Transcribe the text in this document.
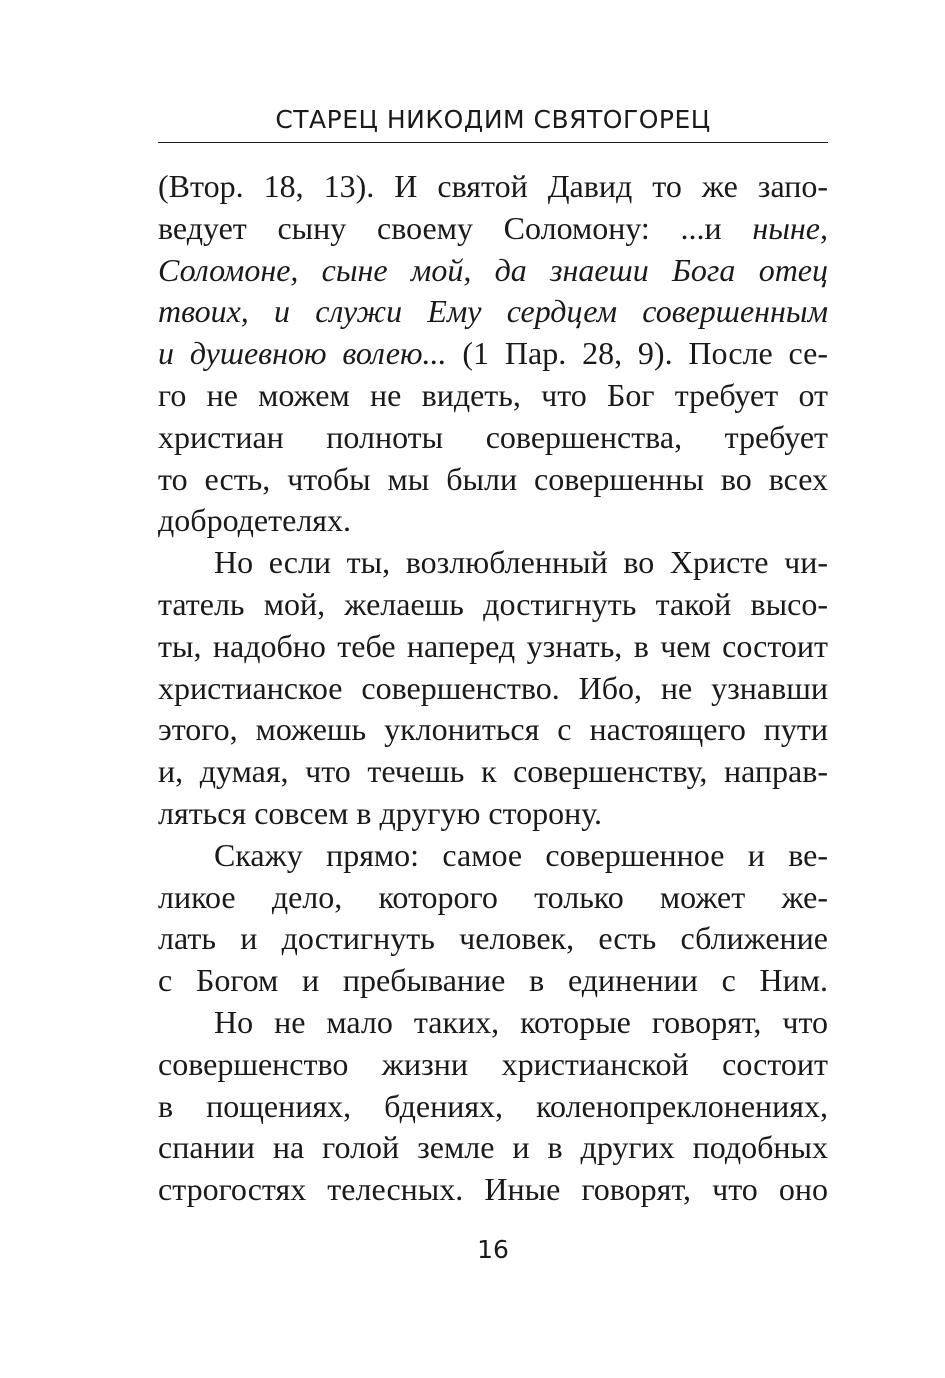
СТАРЕЦ НИКОДИМ СВЯТОГОРЕЦ
(Втор. 18, 13). И святой Давид то же запо-
ведует сыну своему Соломону: ...и ныне,
Соломоне, сыне мой, да знаеши Бога отец
твоих, и служи Ему сердцем совершенным
и душевною волею... (1 Пар. 28, 9). После се-
го не можем не видеть, что Бог требует от
христиан полноты совершенства, требует
то есть, чтобы мы были совершенны во всех
добродетелях.
Но если ты, возлюбленный во Христе чи-
татель мой, желаешь достигнуть такой высо-
ты, надобно тебе наперед узнать, в чем состоит
христианское совершенство. Ибо, не узнавши
этого, можешь уклониться с настоящего пути
и, думая, что течешь к совершенству, направ-
ляться совсем в другую сторону.
Скажу прямо: самое совершенное и ве-
ликое дело, которого только может же-
лать и достигнуть человек, есть сближение
с Богом и пребывание в единении с Ним.
Но не мало таких, которые говорят, что
совершенство жизни христианской состоит
в пощениях, бдениях, коленопреклонениях,
спании на голой земле и в других подобных
строгостях телесных. Иные говорят, что оно
16
